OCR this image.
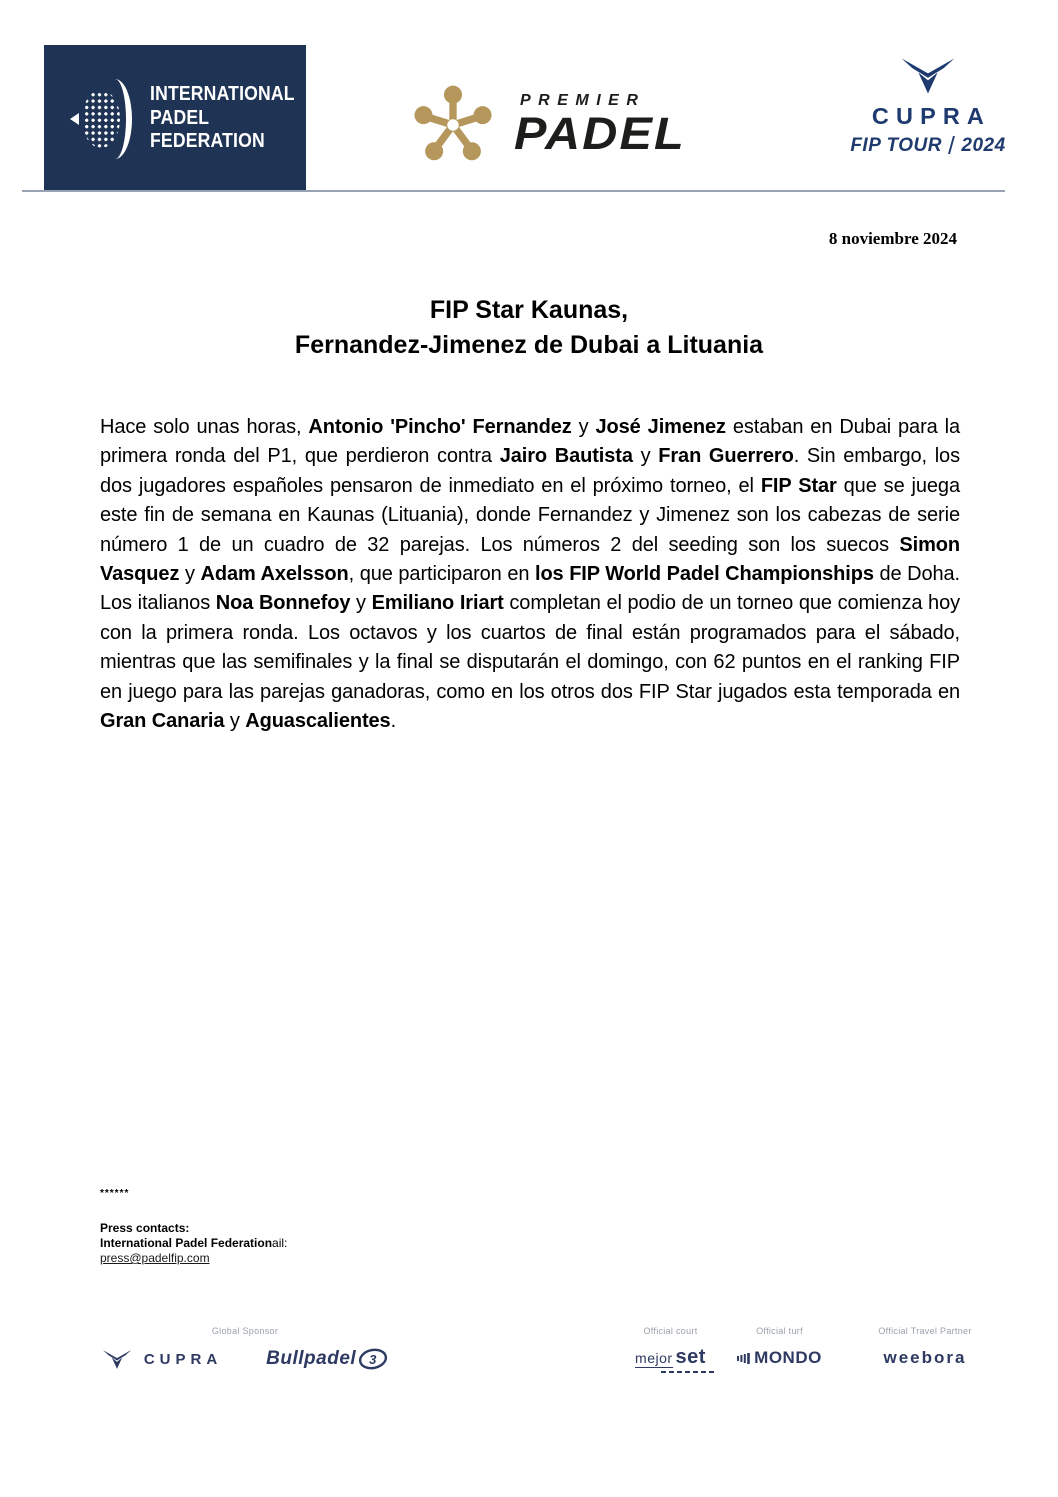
INTERNATIONAL
PADEL
FEDERATION
PREMIER
PADEL	CUPRA
FIP TOUR / 2024
8 noviembre 2024
FIP Star Kaunas,
Fernandez-Jimenez de Dubai a Lituania

Hace solo unas horas, Antonio 'Pincho' Fernandez y José Jimenez estaban en Dubai para la primera ronda del P1, que perdieron contra Jairo Bautista y Fran Guerrero. Sin embargo, los dos jugadores españoles pensaron de inmediato en el próximo torneo, el FIP Star que se juega este fin de semana en Kaunas (Lituania), donde Fernandez y Jimenez son los cabezas de serie número 1 de un cuadro de 32 parejas. Los números 2 del seeding son los suecos Simon Vasquez y Adam Axelsson, que participaron en los FIP World Padel Championships de Doha. Los italianos Noa Bonnefoy y Emiliano Iriart completan el podio de un torneo que comienza hoy con la primera ronda. Los octavos y los cuartos de final están programados para el sábado, mientras que las semifinales y la final se disputarán el domingo, con 62 puntos en el ranking FIP en juego para las parejas ganadoras, como en los otros dos FIP Star jugados esta temporada en Gran Canaria y Aguascalientes.

******
Press contacts:
International Padel Federationail:
press@padelfip.com
Global Sponsor
CUPRA Bullpadel 3
Official court
mejor set
Official turf
MONDO
Official Travel Partner
weebora
